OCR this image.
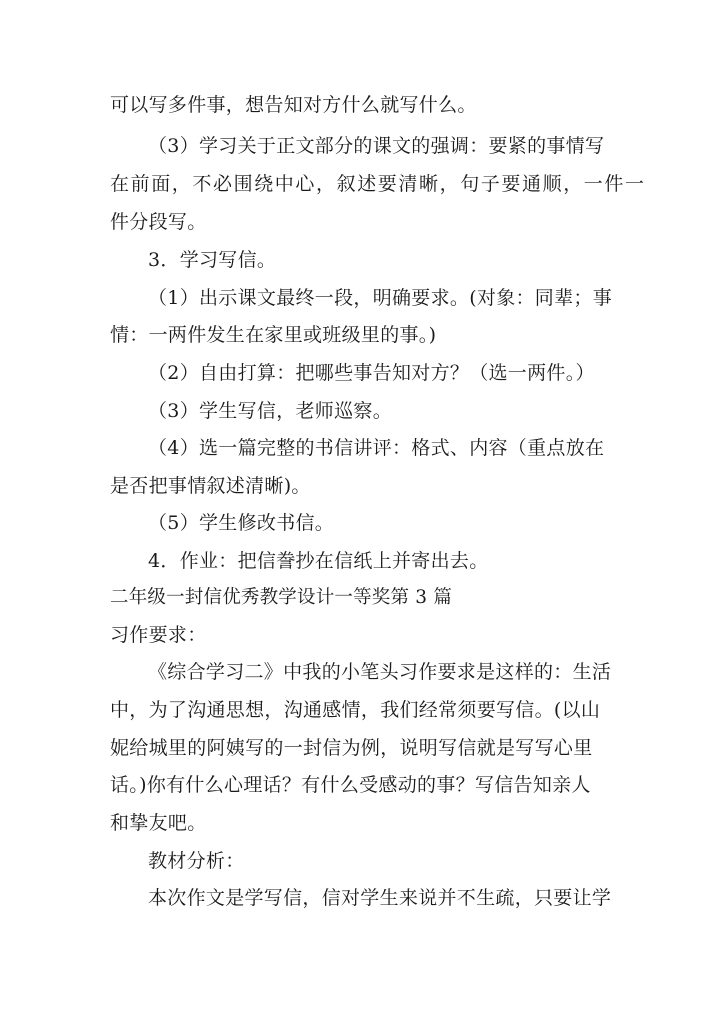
可以写多件事，想告知对方什么就写什么。
（3）学习关于正文部分的课文的强调：要紧的事情写
在前面，不必围绕中心，叙述要清晰，句子要通顺，一件一
件分段写。
3．学习写信。
（1）出示课文最终一段，明确要求。(对象：同辈；事
情：一两件发生在家里或班级里的事。)
（2）自由打算：把哪些事告知对方？（选一两件。）
（3）学生写信，老师巡察。
（4）选一篇完整的书信讲评：格式、内容（重点放在
是否把事情叙述清晰)。
（5）学生修改书信。
4．作业：把信誊抄在信纸上并寄出去。
二年级一封信优秀教学设计一等奖第 3 篇
习作要求：
《综合学习二》中我的小笔头习作要求是这样的：生活
中，为了沟通思想，沟通感情，我们经常须要写信。(以山
妮给城里的阿姨写的一封信为例，说明写信就是写写心里
话。)你有什么心理话？有什么受感动的事？写信告知亲人
和挚友吧。
教材分析：
本次作文是学写信，信对学生来说并不生疏，只要让学
